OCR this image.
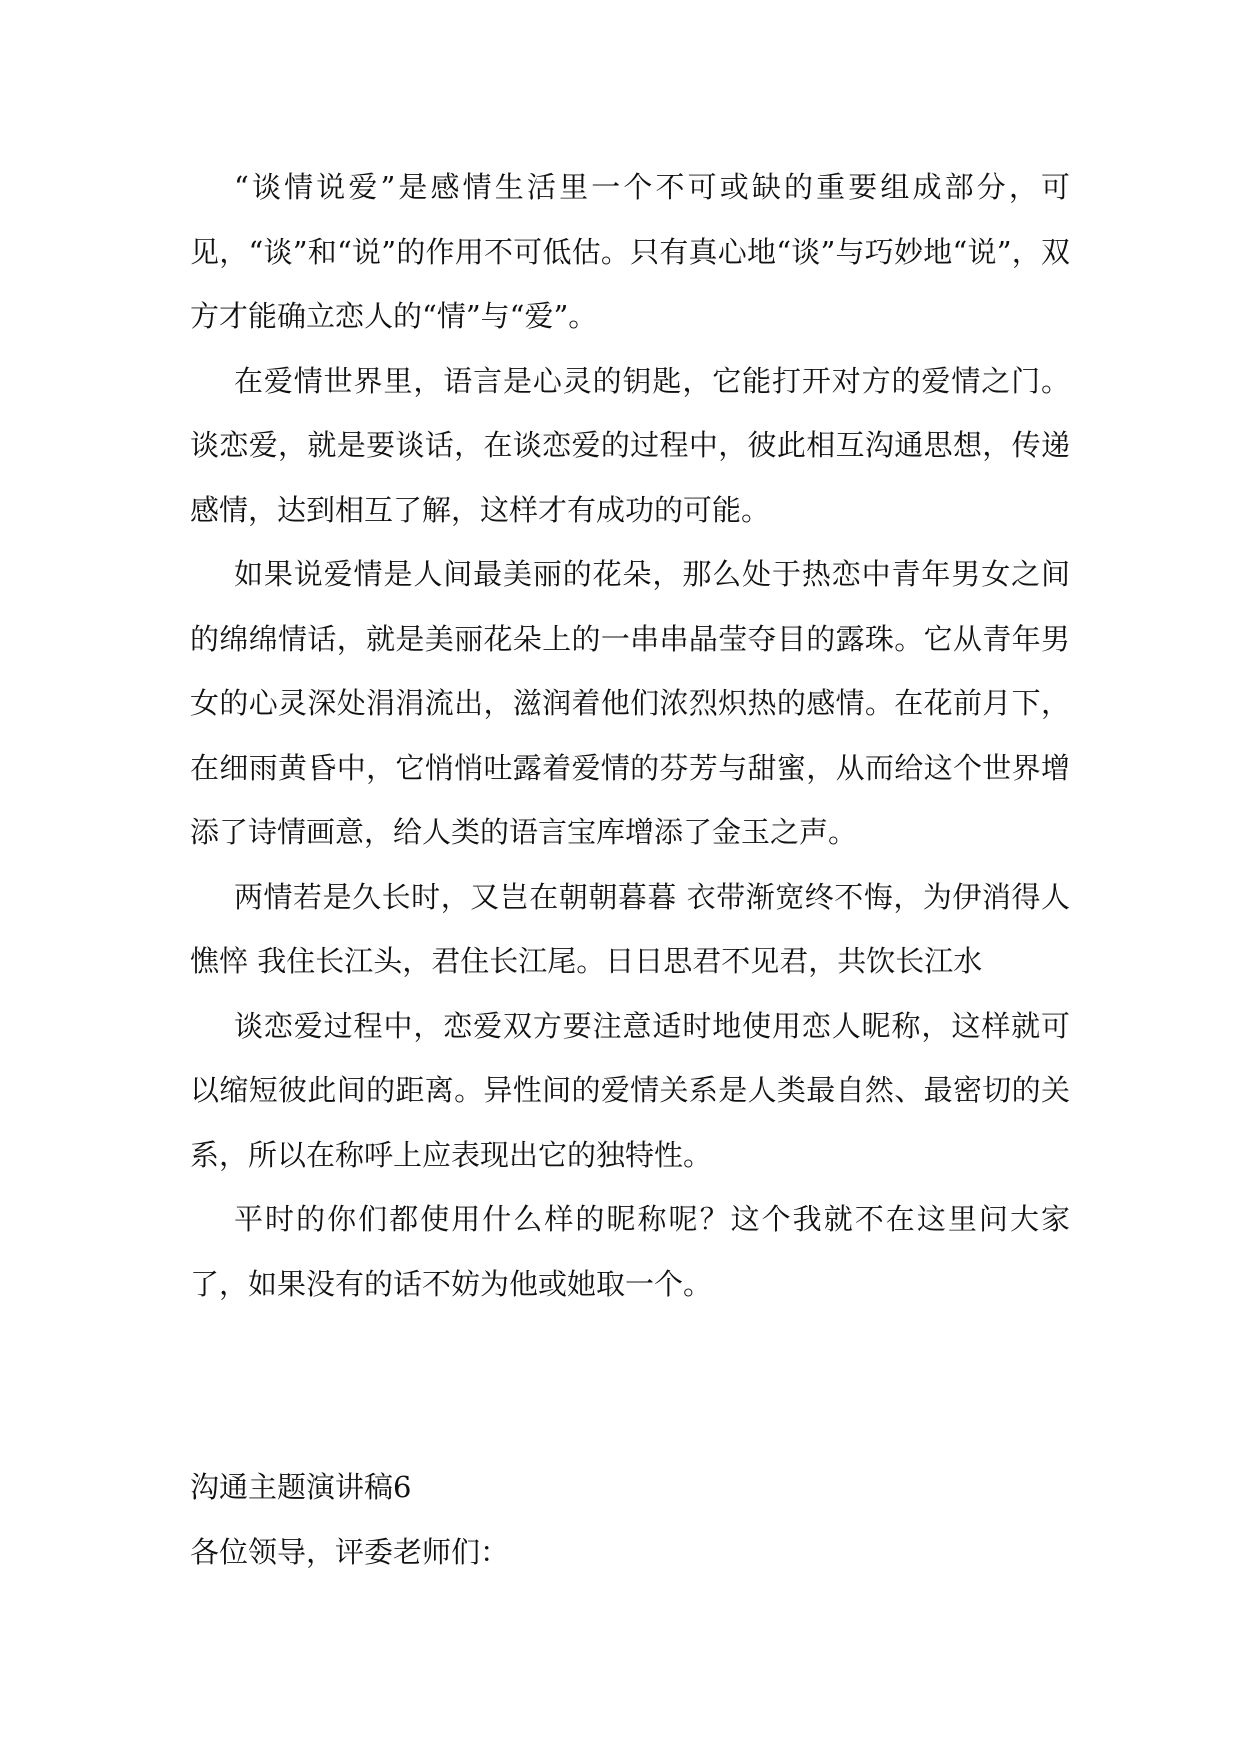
“谈情说爱”是感情生活里一个不可或缺的重要组成部分，可见，“谈”和“说”的作用不可低估。只有真心地“谈”与巧妙地“说”，双方才能确立恋人的“情”与“爱”。

在爱情世界里，语言是心灵的钥匙，它能打开对方的爱情之门。谈恋爱，就是要谈话，在谈恋爱的过程中，彼此相互沟通思想，传递感情，达到相互了解，这样才有成功的可能。

如果说爱情是人间最美丽的花朵，那么处于热恋中青年男女之间的绵绵情话，就是美丽花朵上的一串串晶莹夺目的露珠。它从青年男女的心灵深处涓涓流出，滋润着他们浓烈炽热的感情。在花前月下，在细雨黄昏中，它悄悄吐露着爱情的芬芳与甜蜜，从而给这个世界增添了诗情画意，给人类的语言宝库增添了金玉之声。

两情若是久长时，又岂在朝朝暮暮 衣带渐宽终不悔，为伊消得人憔悴 我住长江头，君住长江尾。日日思君不见君，共饮长江水

谈恋爱过程中，恋爱双方要注意适时地使用恋人昵称，这样就可以缩短彼此间的距离。异性间的爱情关系是人类最自然、最密切的关系，所以在称呼上应表现出它的独特性。

平时的你们都使用什么样的昵称呢？这个我就不在这里问大家了，如果没有的话不妨为他或她取一个。

沟通主题演讲稿6

各位领导，评委老师们：
